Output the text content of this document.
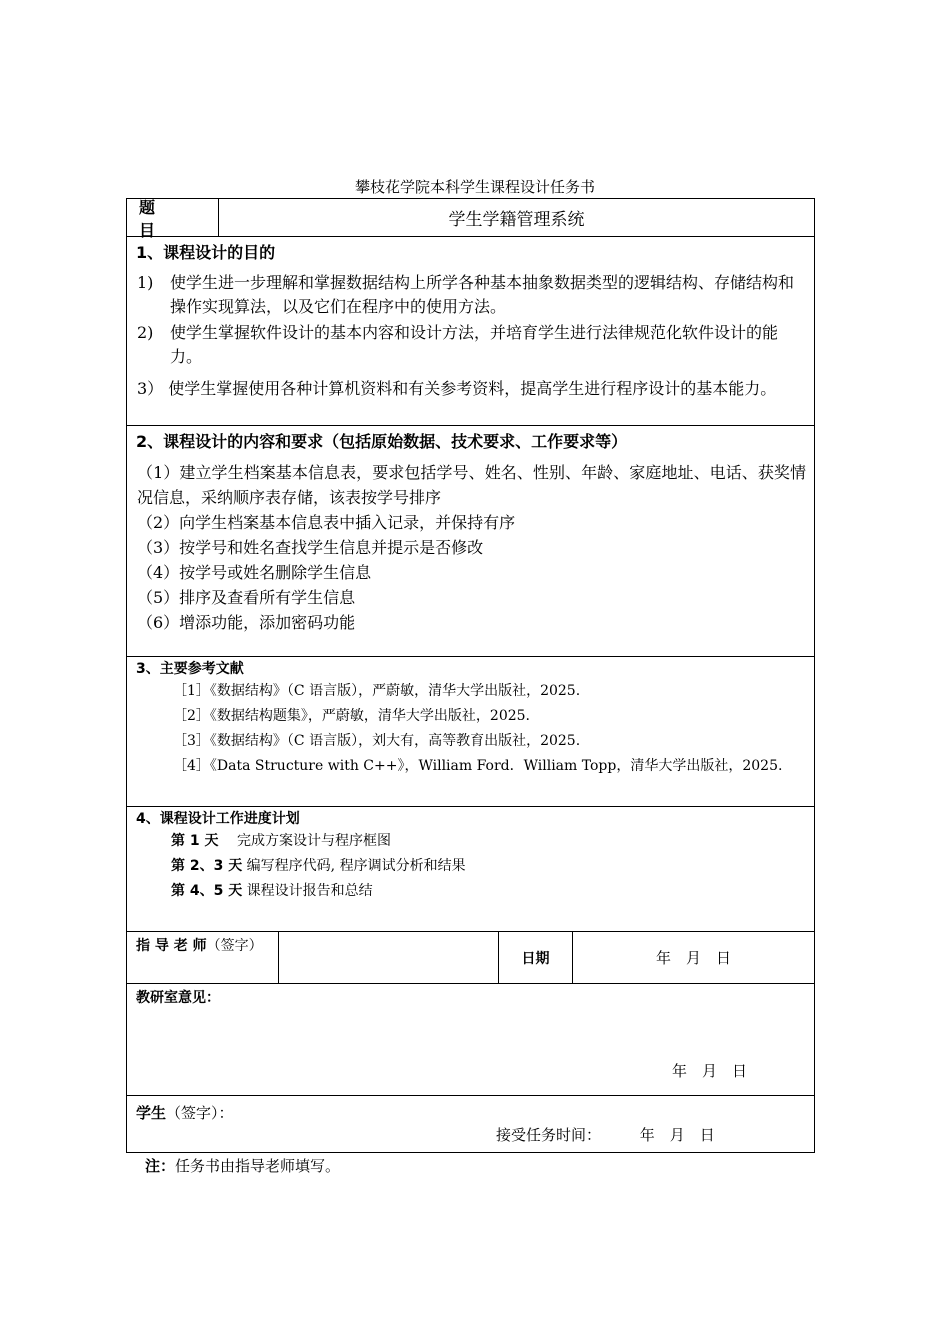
攀枝花学院本科学生课程设计任务书
题　目	学生学籍管理系统
1、课程设计的目的
1) 使学生进一步理解和掌握数据结构上所学各种基本抽象数据类型的逻辑结构、存储结构和操作实现算法，以及它们在程序中的使用方法。
2) 使学生掌握软件设计的基本内容和设计方法，并培育学生进行法律规范化软件设计的能力。
3） 使学生掌握使用各种计算机资料和有关参考资料，提高学生进行程序设计的基本能力。
2、课程设计的内容和要求（包括原始数据、技术要求、工作要求等）
（1）建立学生档案基本信息表，要求包括学号、姓名、性别、年龄、家庭地址、电话、获奖情况信息，采纳顺序表存储，该表按学号排序
（2）向学生档案基本信息表中插入记录，并保持有序
（3）按学号和姓名查找学生信息并提示是否修改
（4）按学号或姓名删除学生信息
（5）排序及查看所有学生信息
（6）增添功能，添加密码功能
3、主要参考文献
［1］《数据结构》（C 语言版），严蔚敏，清华大学出版社，2025.
［2］《数据结构题集》，严蔚敏，清华大学出版社，2025.
［3］《数据结构》（C 语言版），刘大有，高等教育出版社，2025.
［4］《Data Structure with C++》，William Ford．William Topp，清华大学出版社，2025.
4、课程设计工作进度计划
第 1 天　 完成方案设计与程序框图
第 2、3 天 编写程序代码, 程序调试分析和结果
第 4、5 天 课程设计报告和总结
指 导 老 师（签字）
日期	年　月　日
教研室意见：
年　月　日
学生（签字）：
接受任务时间：	年　月　日
注：任务书由指导老师填写。
